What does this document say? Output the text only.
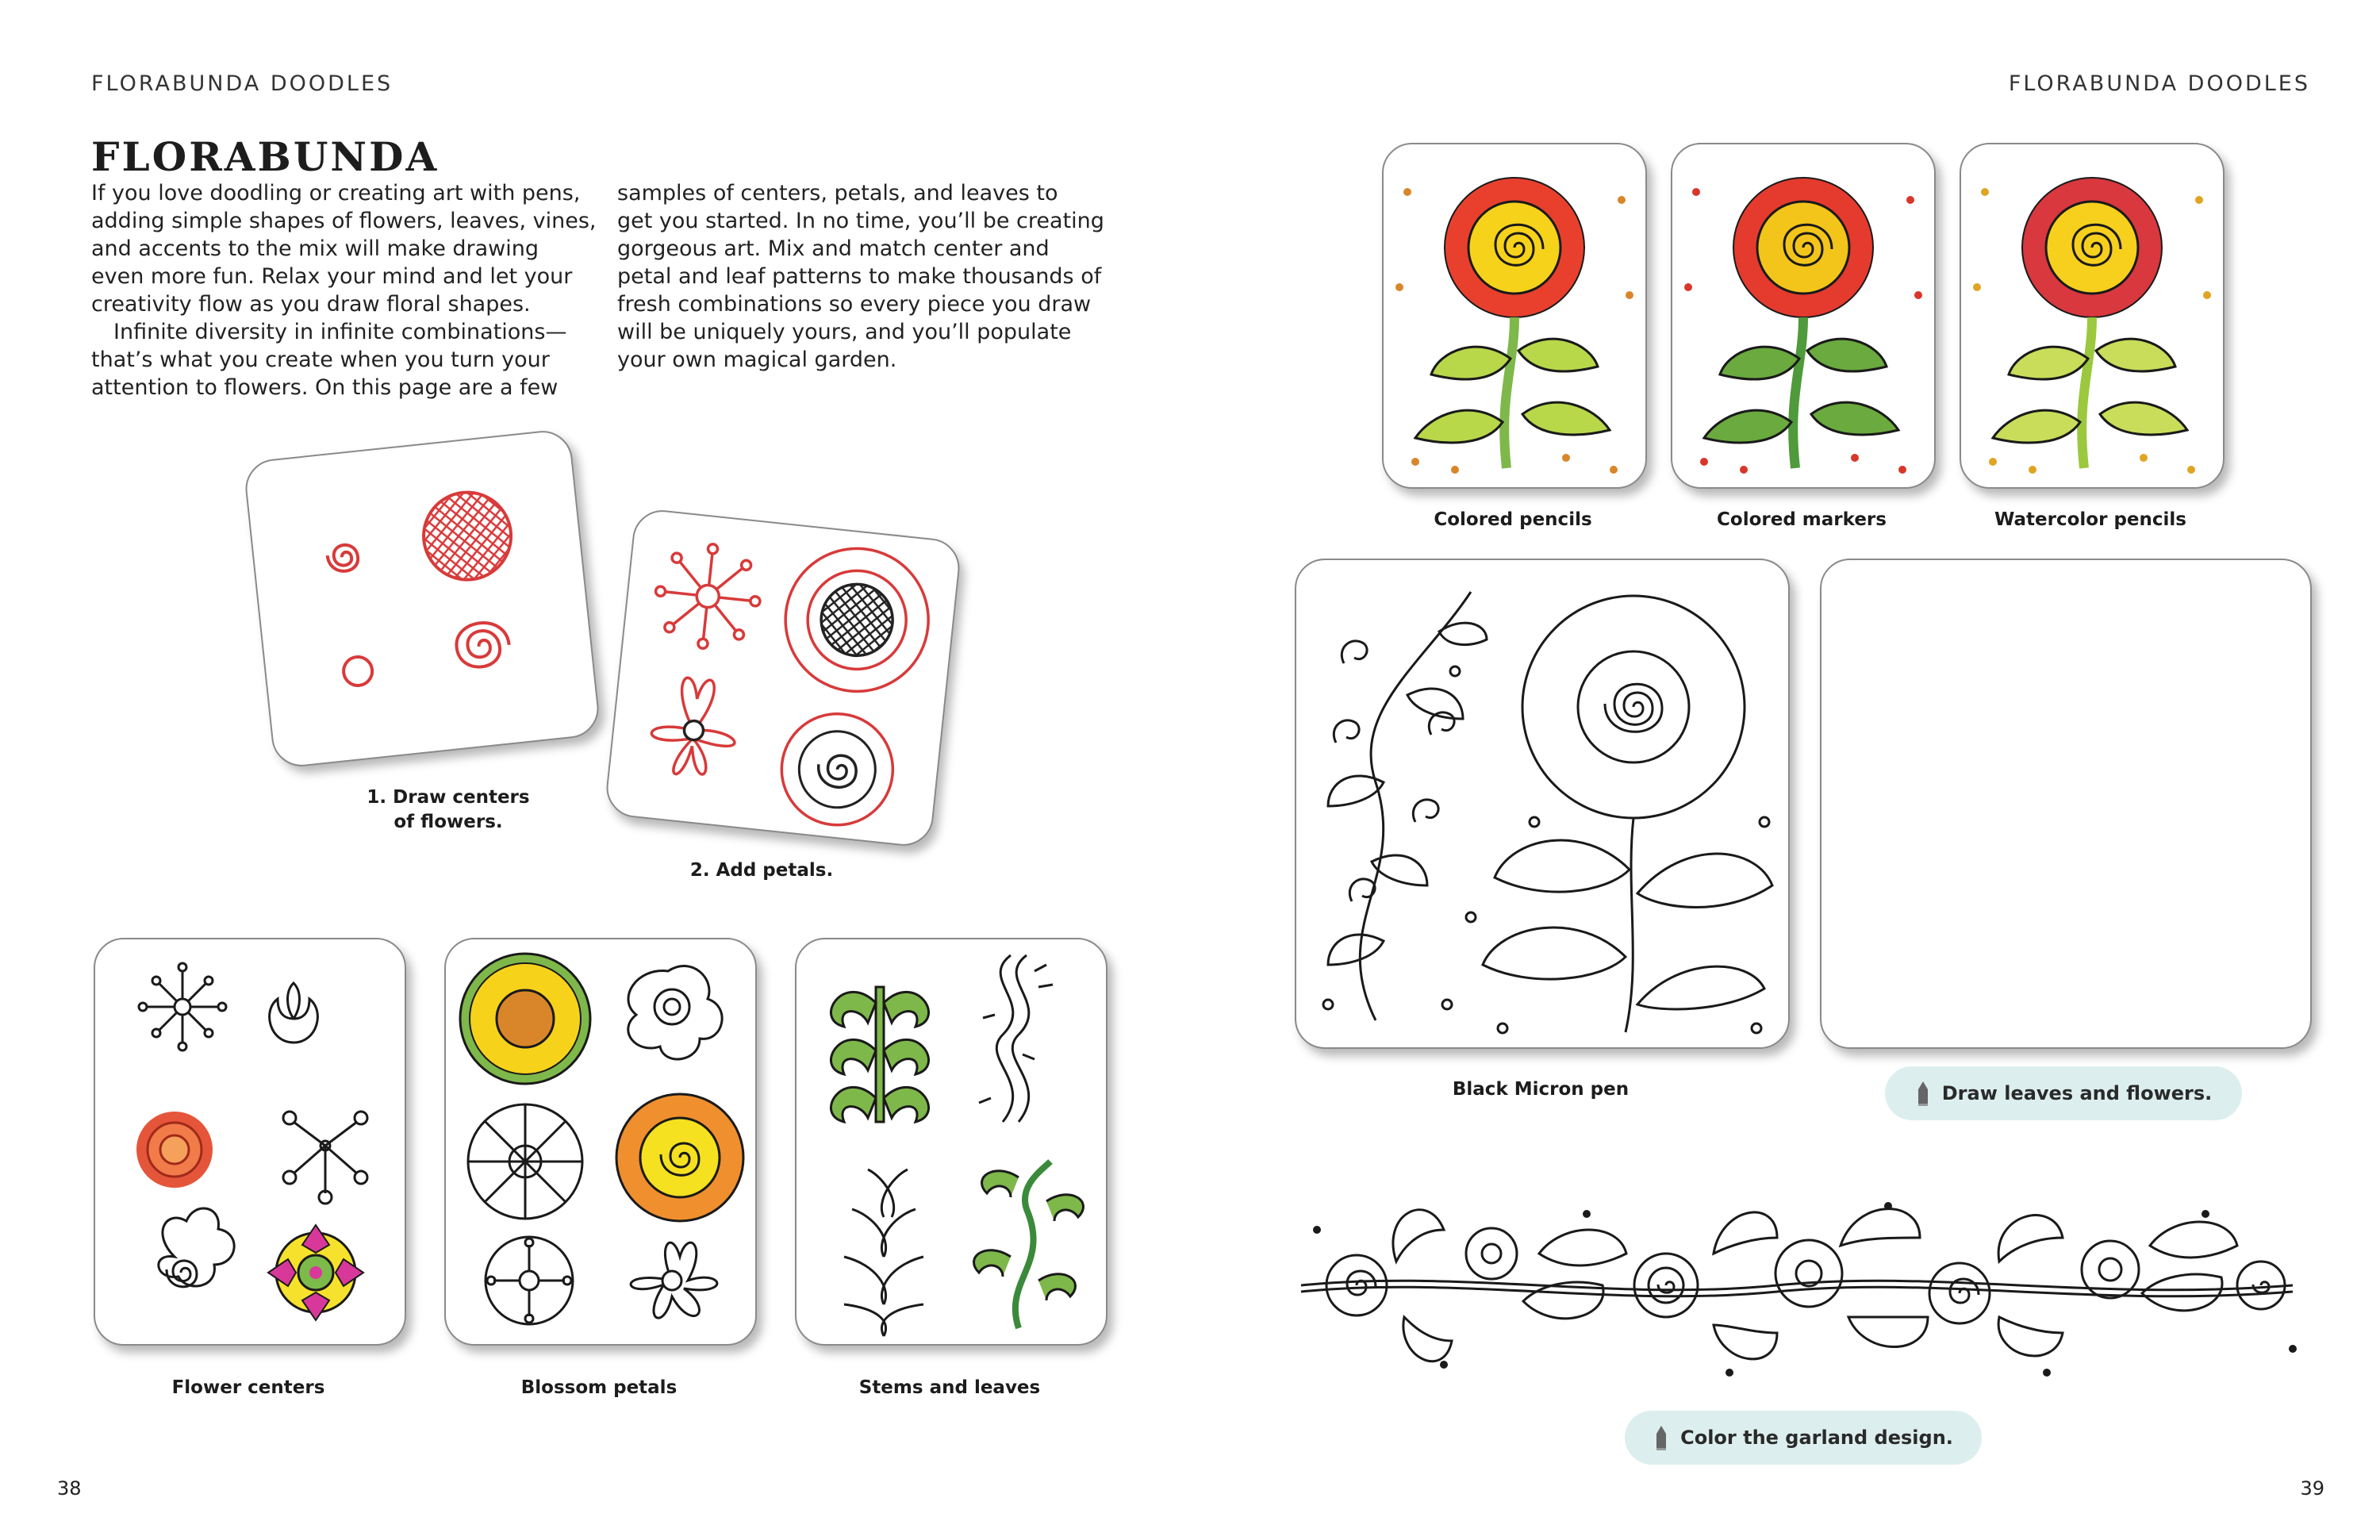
FLORABUNDA DOODLES	FLORABUNDA DOODLES
FLORABUNDA

If you love doodling or creating art with pens,

adding simple shapes of flowers, leaves, vines,

and accents to the mix will make drawing

even more fun. Relax your mind and let your

creativity flow as you draw floral shapes.

Infinite diversity in infinite combinations—

that’s what you create when you turn your

attention to flowers. On this page are a few

samples of centers, petals, and leaves to

get you started. In no time, you’ll be creating

gorgeous art. Mix and match center and

petal and leaf patterns to make thousands of

fresh combinations so every piece you draw

will be uniquely yours, and you’ll populate

your own magical garden.

1. Draw centers
of flowers.
2. Add petals.
Flower centers	Blossom petals	Stems and leaves
Colored pencils	Colored markers	Watercolor pencils
Black Micron pen	Draw leaves and flowers.
Color the garland design.
38	39
